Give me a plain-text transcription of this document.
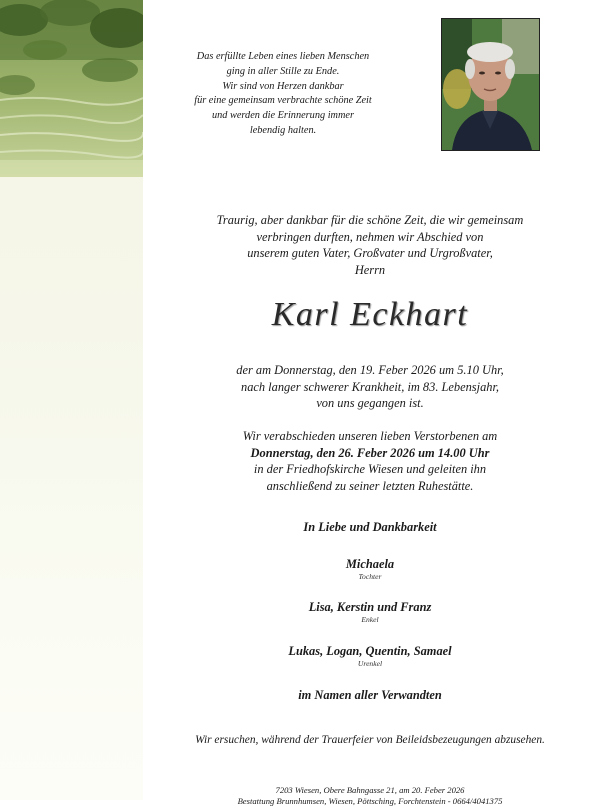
Das erfüllte Leben eines lieben Menschen
ging in aller Stille zu Ende.
Wir sind von Herzen dankbar
für eine gemeinsam verbrachte schöne Zeit
und werden die Erinnerung immer
lebendig halten.
Traurig, aber dankbar für die schöne Zeit, die wir gemeinsam
verbringen durften, nehmen wir Abschied von
unserem guten Vater, Großvater und Urgroßvater,
Herrn
Karl Eckhart
der am Donnerstag, den 19. Feber 2026 um 5.10 Uhr,
nach langer schwerer Krankheit, im 83. Lebensjahr,
von uns gegangen ist.
Wir verabschieden unseren lieben Verstorbenen am
Donnerstag, den 26. Feber 2026 um 14.00 Uhr
in der Friedhofskirche Wiesen und geleiten ihn
anschließend zu seiner letzten Ruhestätte.
In Liebe und Dankbarkeit
Michaela
Tochter
Lisa, Kerstin und Franz
Enkel
Lukas, Logan, Quentin, Samael
Urenkel
im Namen aller Verwandten
Wir ersuchen, während der Trauerfeier von Beileidsbezeugungen abzusehen.
7203 Wiesen, Obere Bahngasse 21, am 20. Feber 2026
Bestattung Brunnhumsen, Wiesen, Pöttsching, Forchtenstein - 0664/4041375
